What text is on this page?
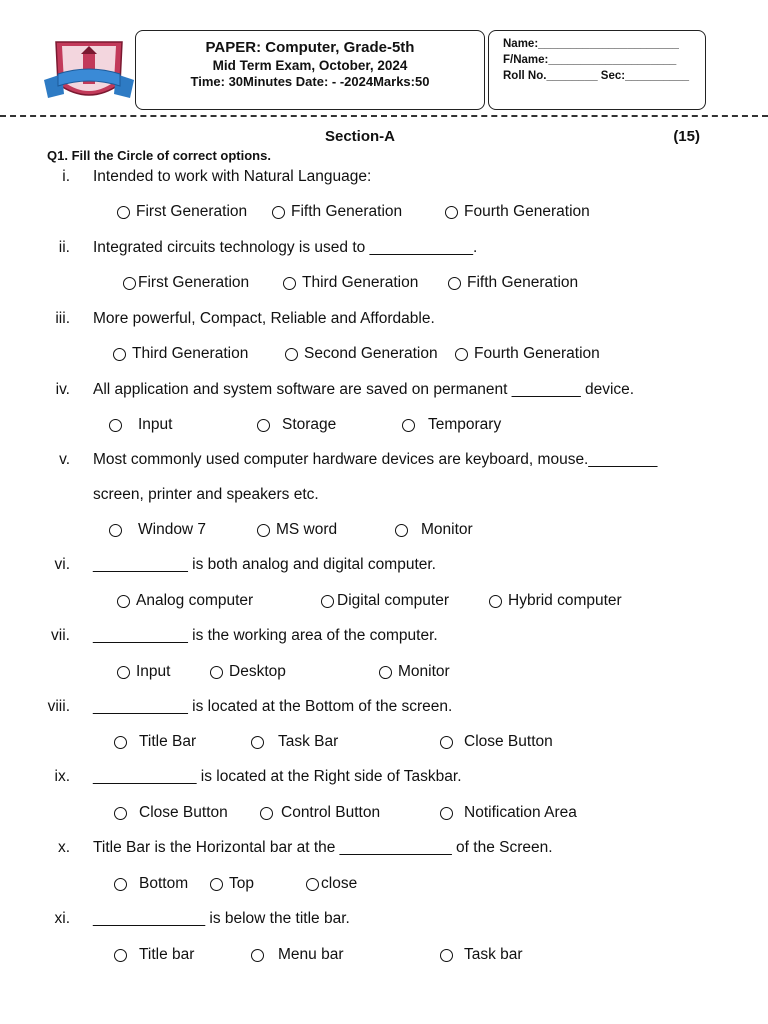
PAPER: Computer, Grade-5th
Mid Term Exam, October, 2024
Time: 30Minutes Date: - -2024Marks:50
Name:______________________
F/Name:____________________
Roll No.________ Sec:__________
Section-A	(15)
Q1. Fill the Circle of correct options.
i. Intended to work with Natural Language:
First Generation	Fifth Generation	Fourth Generation
ii. Integrated circuits technology is used to ____________.
First Generation	Third Generation	Fifth Generation
iii. More powerful, Compact, Reliable and Affordable.
Third Generation	Second Generation Fourth Generation
iv. All application and system software are saved on permanent ________ device.
Input	Storage	Temporary
v. Most commonly used computer hardware devices are keyboard, mouse.________
screen, printer and speakers etc.
Window 7	MS word	Monitor
vi. ___________ is both analog and digital computer.
Analog computer	Digital computer	Hybrid computer
vii. ___________ is the working area of the computer.
Input	Desktop	Monitor
viii. ___________ is located at the Bottom of the screen.
Title Bar	Task Bar	Close Button
ix. ____________ is located at the Right side of Taskbar.
Close Button	Control Button	Notification Area
x. Title Bar is the Horizontal bar at the _____________ of the Screen.
Bottom	Top	close
xi. _____________ is below the title bar.
Title bar	Menu bar	Task bar
